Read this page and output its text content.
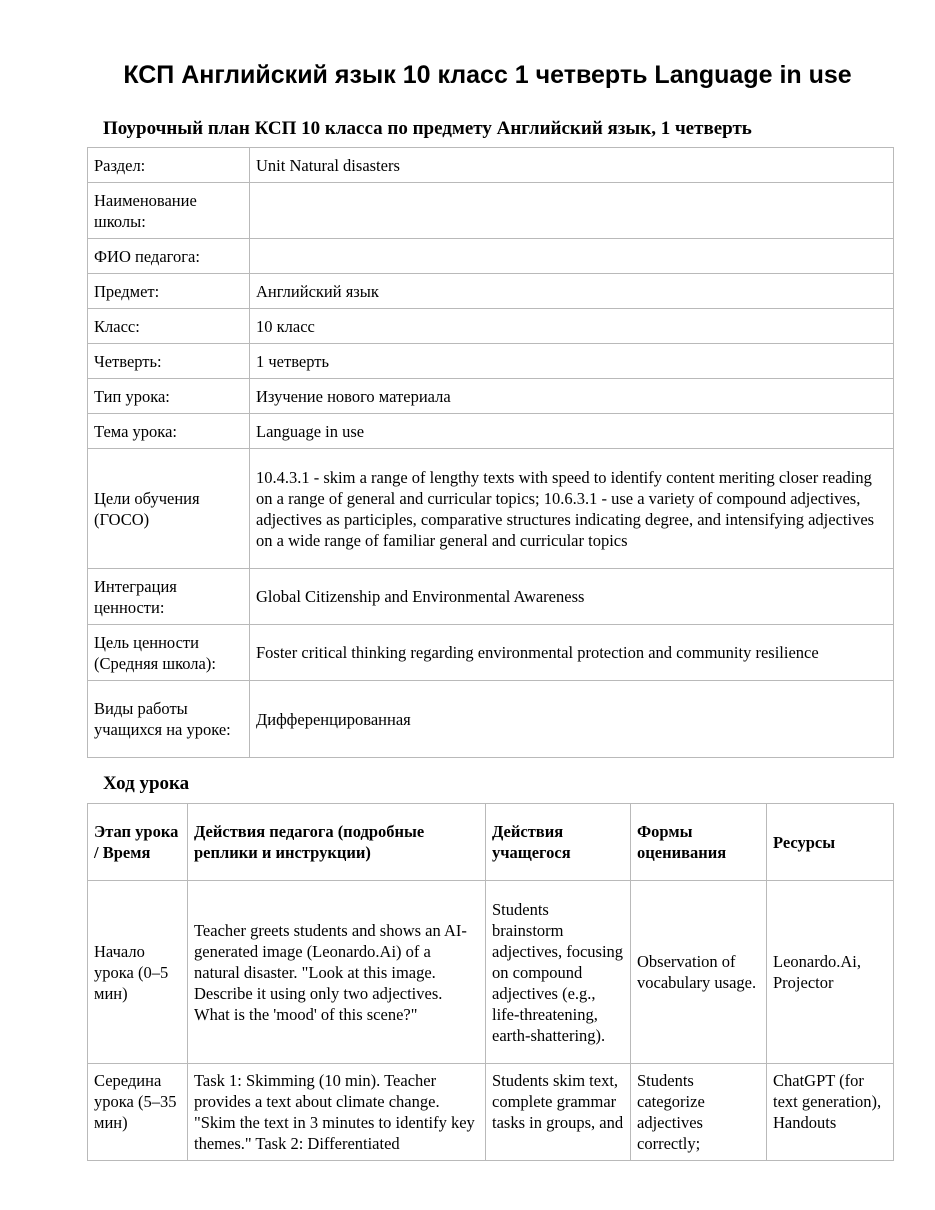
КСП Английский язык 10 класс 1 четверть Language in use
Поурочный план КСП 10 класса по предмету Английский язык, 1 четверть
Раздел:	Unit Natural disasters
Наименование школы:	
ФИО педагога:	
Предмет:	Английский язык
Класс:	10 класс
Четверть:	1 четверть
Тип урока:	Изучение нового материала
Тема урока:	Language in use
Цели обучения (ГОСО)	10.4.3.1 - skim a range of lengthy texts with speed to identify content meriting closer reading on a range of general and curricular topics; 10.6.3.1 - use a variety of compound adjectives, adjectives as participles, comparative structures indicating degree, and intensifying adjectives on a wide range of familiar general and curricular topics
Интеграция ценности:	Global Citizenship and Environmental Awareness
Цель ценности (Средняя школа):	Foster critical thinking regarding environmental protection and community resilience
Виды работы учащихся на уроке:	Дифференцированная
Ход урока
Этап урока / Время	Действия педагога (подробные реплики и инструкции)	Действия учащегося	Формы оценивания	Ресурсы
Начало урока (0–5 мин)	Teacher greets students and shows an AI-generated image (Leonardo.Ai) of a natural disaster. "Look at this image. Describe it using only two adjectives. What is the 'mood' of this scene?"	Students brainstorm adjectives, focusing on compound adjectives (e.g., life-threatening, earth-shattering).	Observation of vocabulary usage.	Leonardo.Ai, Projector
Середина урока (5–35 мин)	Task 1: Skimming (10 min). Teacher provides a text about climate change. "Skim the text in 3 minutes to identify key themes." Task 2: Differentiated	Students skim text, complete grammar tasks in groups, and	Students categorize adjectives correctly;	ChatGPT (for text generation), Handouts
